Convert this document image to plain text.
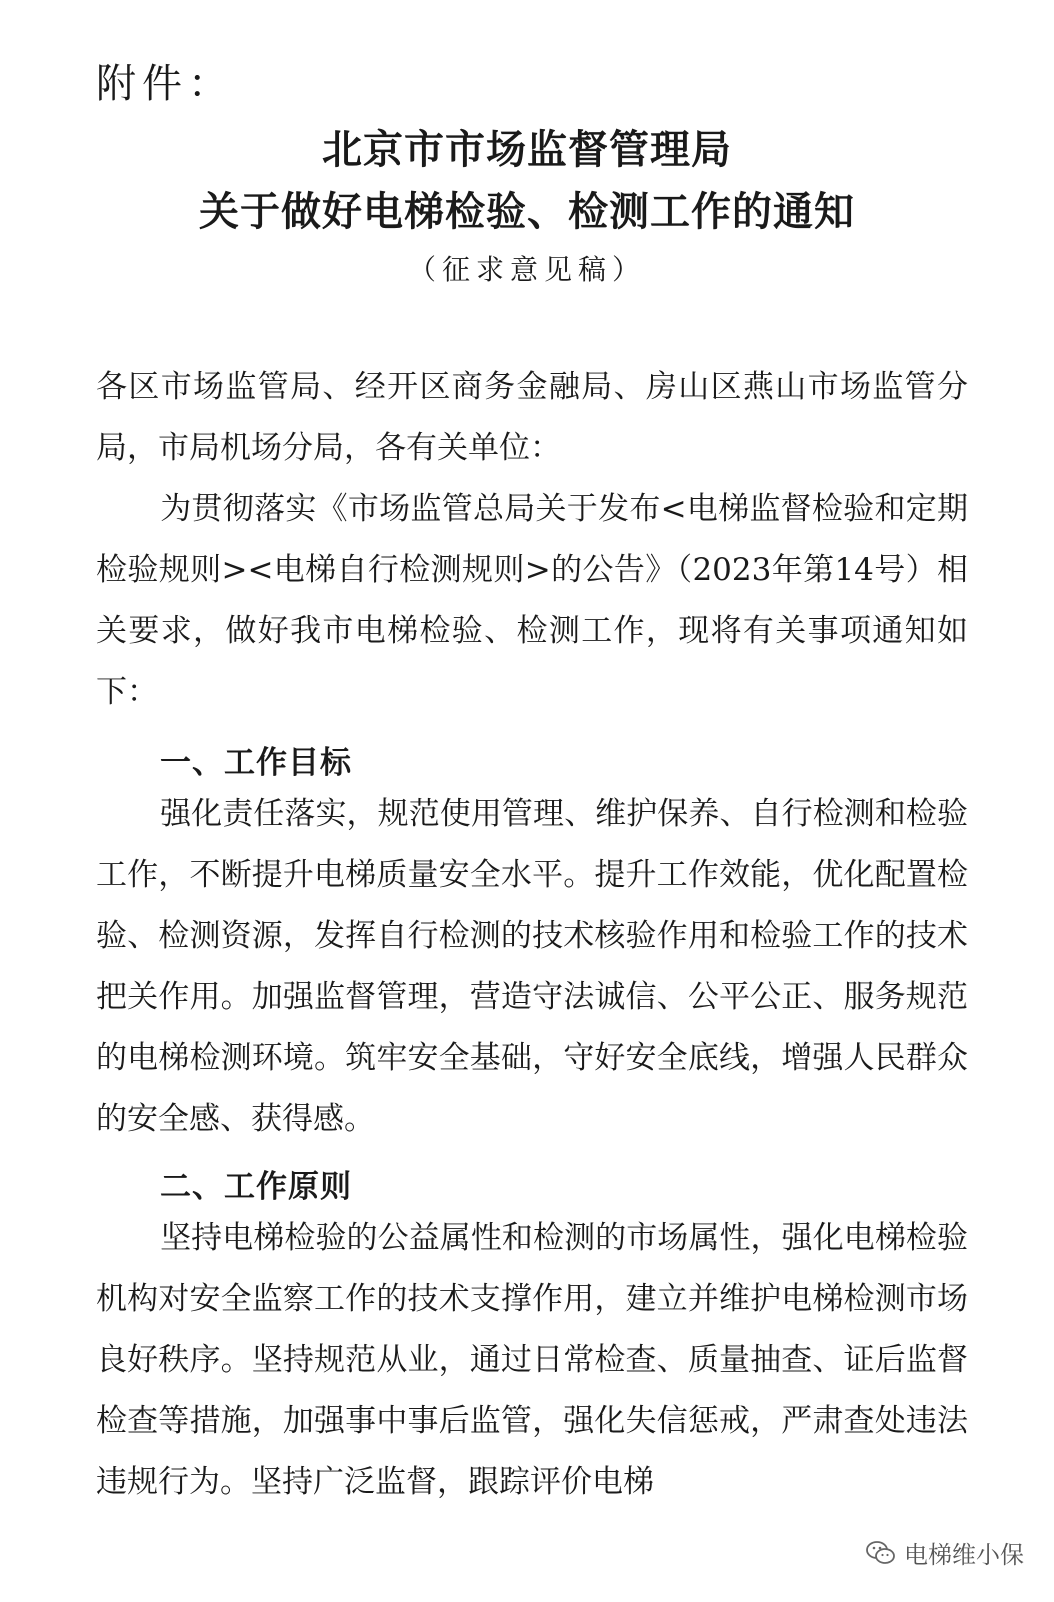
附件：
北京市市场监督管理局
关于做好电梯检验、检测工作的通知
（征求意见稿）
各区市场监管局、经开区商务金融局、房山区燕山市场监管分局，市局机场分局，各有关单位：
为贯彻落实《市场监管总局关于发布<电梯监督检验和定期检验规则><电梯自行检测规则>的公告》（2023年第14号）相关要求，做好我市电梯检验、检测工作，现将有关事项通知如下：
一、工作目标
强化责任落实，规范使用管理、维护保养、自行检测和检验工作，不断提升电梯质量安全水平。提升工作效能，优化配置检验、检测资源，发挥自行检测的技术核验作用和检验工作的技术把关作用。加强监督管理，营造守法诚信、公平公正、服务规范的电梯检测环境。筑牢安全基础，守好安全底线，增强人民群众的安全感、获得感。
二、工作原则
坚持电梯检验的公益属性和检测的市场属性，强化电梯检验机构对安全监察工作的技术支撑作用，建立并维护电梯检测市场良好秩序。坚持规范从业，通过日常检查、质量抽查、证后监督检查等措施，加强事中事后监管，强化失信惩戒，严肃查处违法违规行为。坚持广泛监督，跟踪评价电梯
电梯维小保
